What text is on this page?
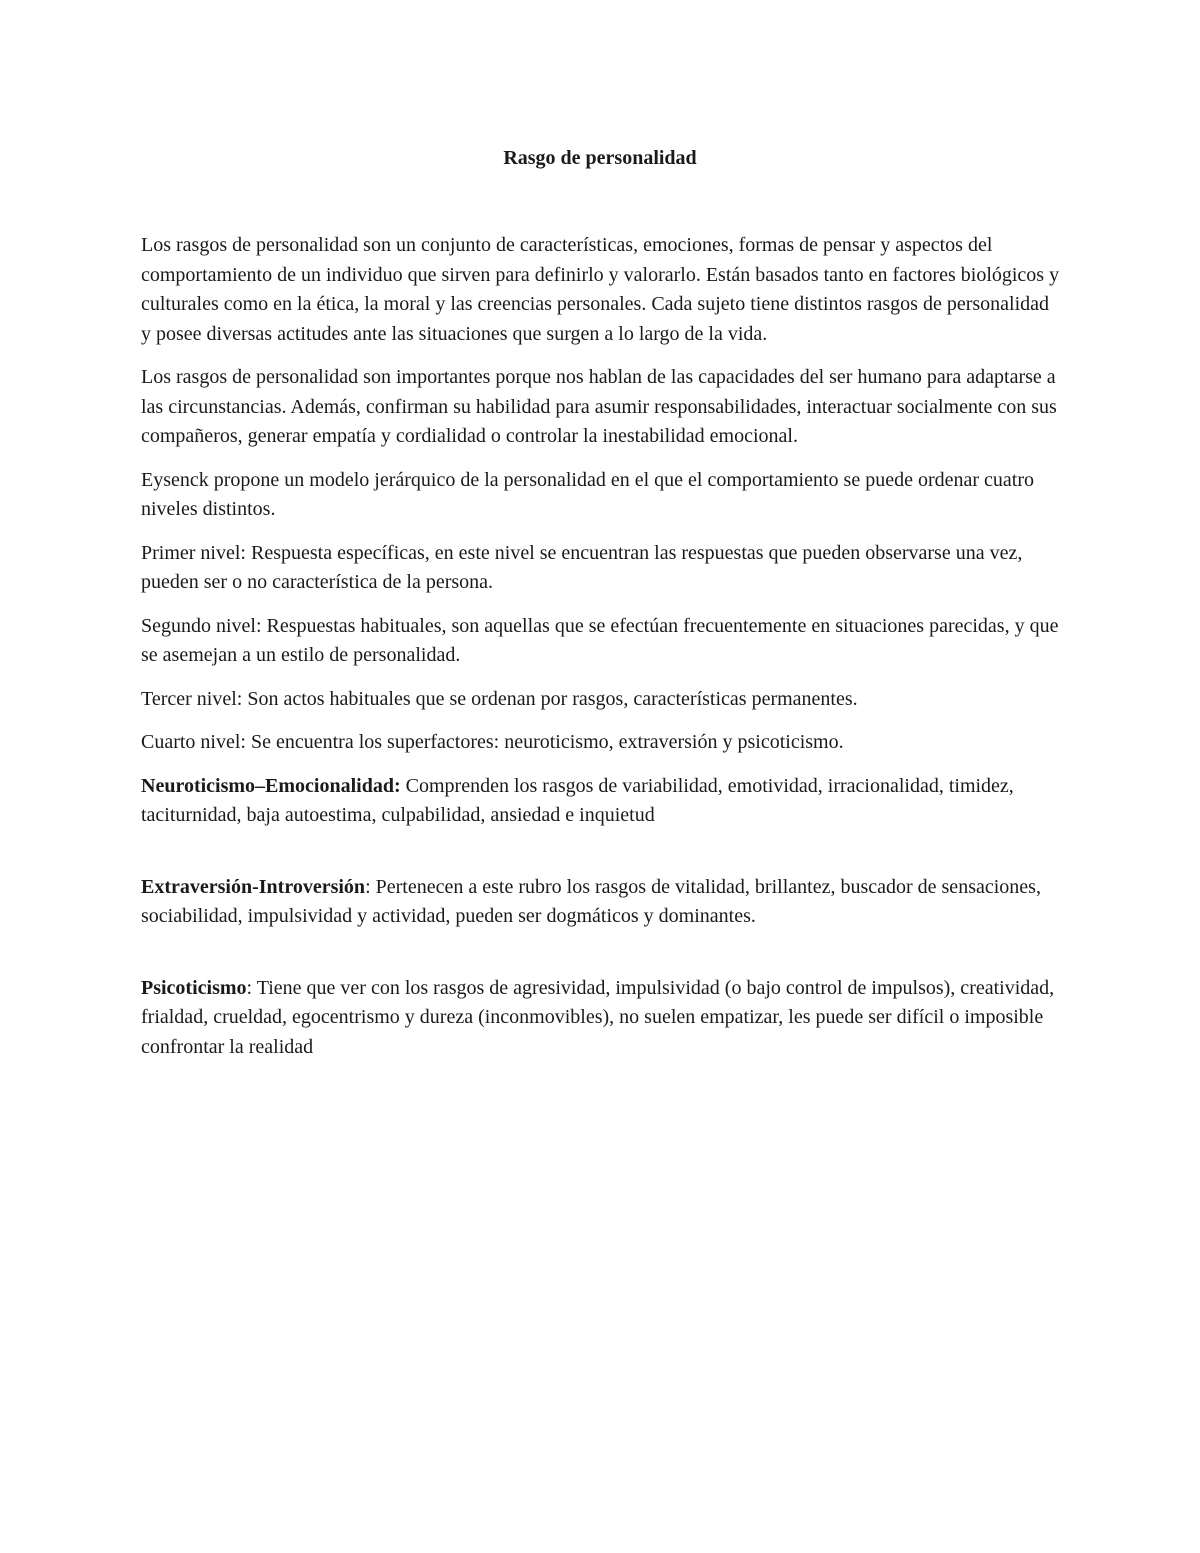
Rasgo de personalidad

Los rasgos de personalidad son un conjunto de características, emociones, formas de pensar y aspectos del comportamiento de un individuo que sirven para definirlo y valorarlo. Están basados tanto en factores biológicos y culturales como en la ética, la moral y las creencias personales. Cada sujeto tiene distintos rasgos de personalidad y posee diversas actitudes ante las situaciones que surgen a lo largo de la vida.

Los rasgos de personalidad son importantes porque nos hablan de las capacidades del ser humano para adaptarse a las circunstancias. Además, confirman su habilidad para asumir responsabilidades, interactuar socialmente con sus compañeros, generar empatía y cordialidad o controlar la inestabilidad emocional.

Eysenck propone un modelo jerárquico de la personalidad en el que el comportamiento se puede ordenar cuatro niveles distintos.

Primer nivel: Respuesta específicas, en este nivel se encuentran las respuestas que pueden observarse una vez, pueden ser o no característica de la persona.

Segundo nivel: Respuestas habituales, son aquellas que se efectúan frecuentemente en situaciones parecidas, y que se asemejan a un estilo de personalidad.

Tercer nivel: Son actos habituales que se ordenan por rasgos, características permanentes.

Cuarto nivel: Se encuentra los superfactores: neuroticismo, extraversión y psicoticismo.

Neuroticismo–Emocionalidad: Comprenden los rasgos de variabilidad, emotividad, irracionalidad, timidez, taciturnidad, baja autoestima, culpabilidad, ansiedad e inquietud

Extraversión-Introversión: Pertenecen a este rubro los rasgos de vitalidad, brillantez, buscador de sensaciones, sociabilidad, impulsividad y actividad, pueden ser dogmáticos y dominantes.

Psicoticismo: Tiene que ver con los rasgos de agresividad, impulsividad (o bajo control de impulsos), creatividad, frialdad, crueldad, egocentrismo y dureza (inconmovibles), no suelen empatizar, les puede ser difícil o imposible confrontar la realidad
